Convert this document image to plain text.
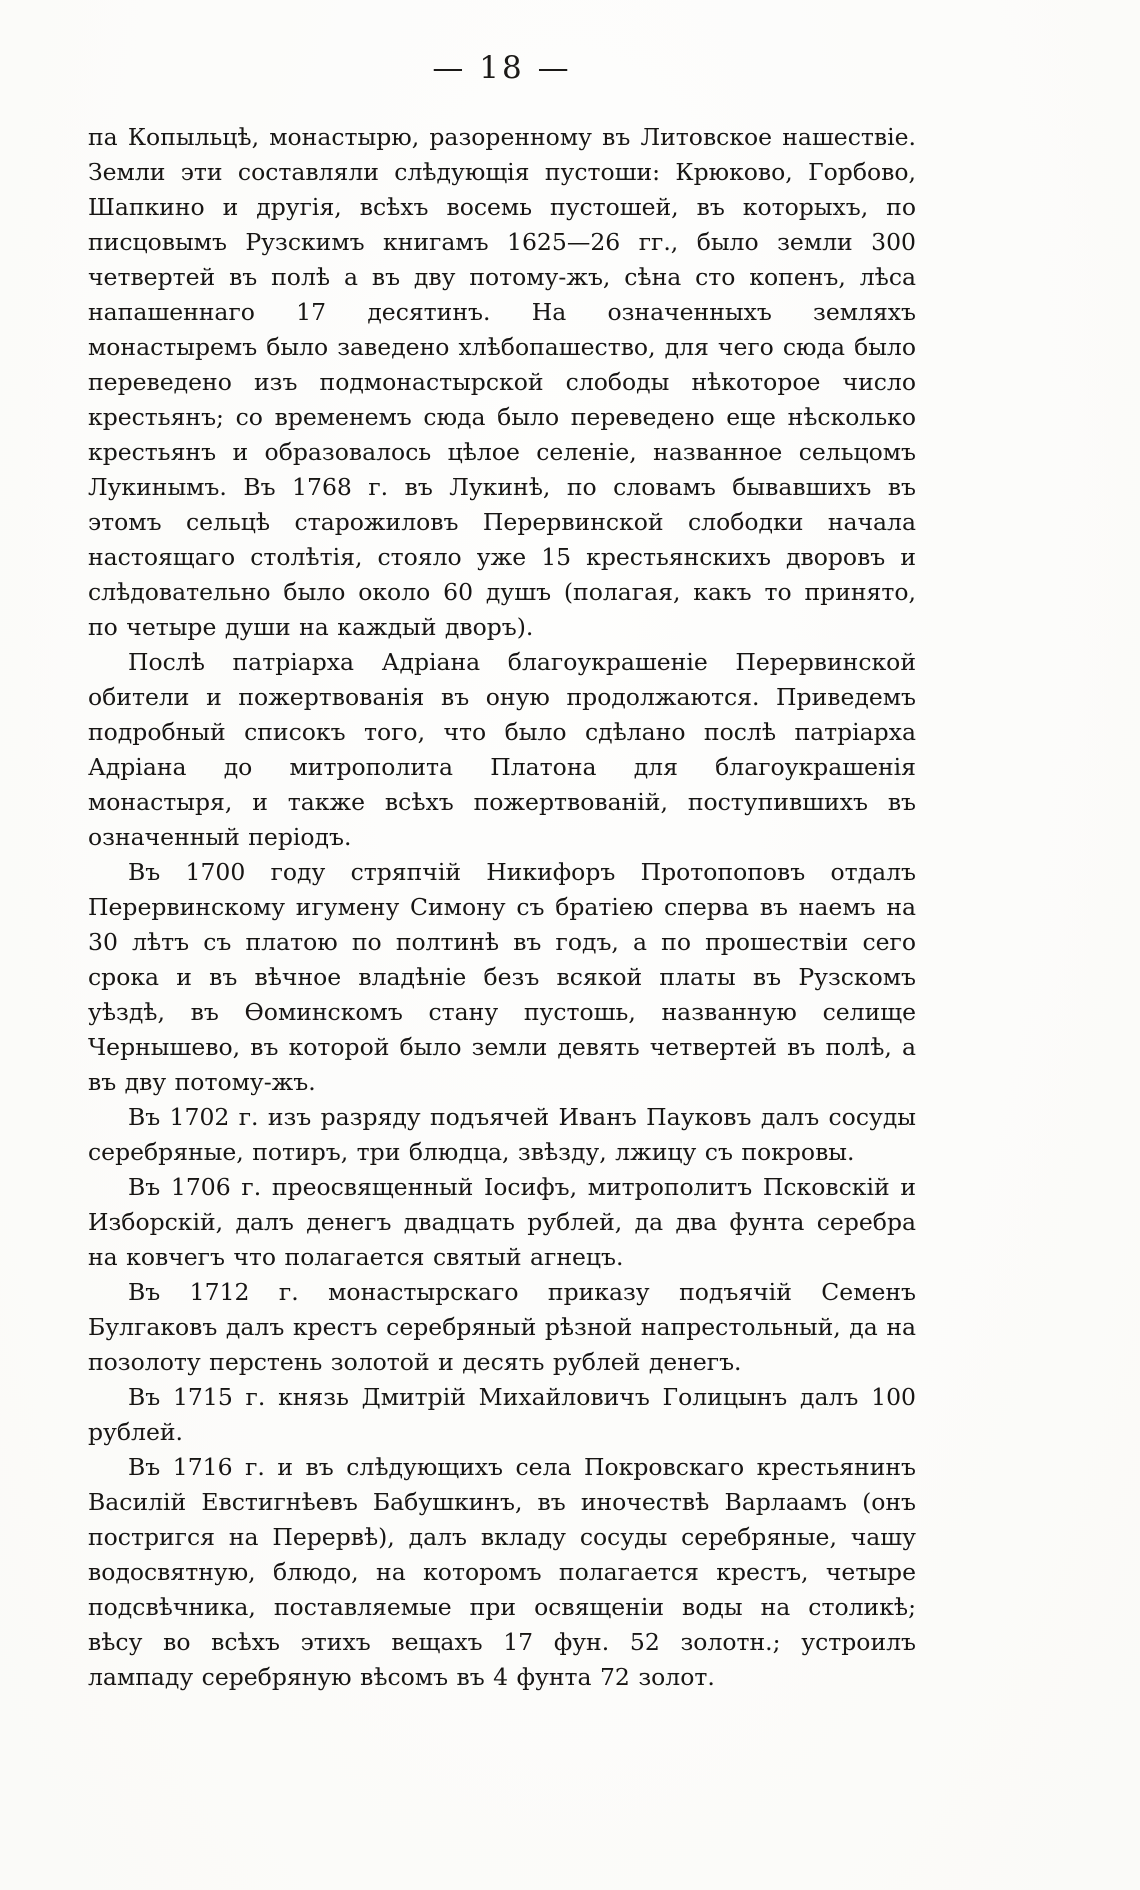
— 18 —

па Копыльцѣ, монастырю, разоренному въ Литовское нашествіе. Земли эти составляли слѣдующія пустоши: Крюково, Горбово, Шапкино и другія, всѣхъ восемь пустошей, въ которыхъ, по писцовымъ Рузскимъ книгамъ 1625—26 гг., было земли 300 четвертей въ полѣ а въ дву потому-жъ, сѣна сто копенъ, лѣса напашеннаго 17 десятинъ. На означенныхъ земляхъ монастыремъ было заведено хлѣбопашество, для чего сюда было переведено изъ подмонастырской слободы нѣкоторое число крестьянъ; со временемъ сюда было переведено еще нѣсколько крестьянъ и образовалось цѣлое селеніе, названное сельцомъ Лукинымъ. Въ 1768 г. въ Лукинѣ, по словамъ бывавшихъ въ этомъ сельцѣ старожиловъ Перервинской слободки начала настоящаго столѣтія, стояло уже 15 крестьянскихъ дворовъ и слѣдовательно было около 60 душъ (полагая, какъ то принято, по четыре души на каждый дворъ).

Послѣ патріарха Адріана благоукрашеніе Перервинской обители и пожертвованія въ оную продолжаются. Приведемъ подробный списокъ того, что было сдѣлано послѣ патріарха Адріана до митрополита Платона для благоукрашенія монастыря, и также всѣхъ пожертвованій, поступившихъ въ означенный періодъ.

Въ 1700 году стряпчій Никифоръ Протопоповъ отдалъ Перервинскому игумену Симону съ братіею сперва въ наемъ на 30 лѣтъ съ платою по полтинѣ въ годъ, а по прошествіи сего срока и въ вѣчное владѣніе безъ всякой платы въ Рузскомъ уѣздѣ, въ Ѳоминскомъ стану пустошь, названную селище Чернышево, въ которой было земли девять четвертей въ полѣ, а въ дву потому-жъ.

Въ 1702 г. изъ разряду подъячей Иванъ Пауковъ далъ сосуды серебряные, потиръ, три блюдца, звѣзду, лжицу съ покровы.

Въ 1706 г. преосвященный Іосифъ, митрополитъ Псковскій и Изборскій, далъ денегъ двадцать рублей, да два фунта серебра на ковчегъ что полагается святый агнецъ.

Въ 1712 г. монастырскаго приказу подъячій Семенъ Булгаковъ далъ крестъ серебряный рѣзной напрестольный, да на позолоту перстень золотой и десять рублей денегъ.

Въ 1715 г. князь Дмитрій Михайловичъ Голицынъ далъ 100 рублей.

Въ 1716 г. и въ слѣдующихъ села Покровскаго крестьянинъ Василій Евстигнѣевъ Бабушкинъ, въ иночествѣ Варлаамъ (онъ постригся на Перервѣ), далъ вкладу сосуды серебряные, чашу водосвятную, блюдо, на которомъ полагается крестъ, четыре подсвѣчника, поставляемые при освященіи воды на столикѣ; вѣсу во всѣхъ этихъ вещахъ 17 фун. 52 золотн.; устроилъ лампаду серебряную вѣсомъ въ 4 фунта 72 золот.
